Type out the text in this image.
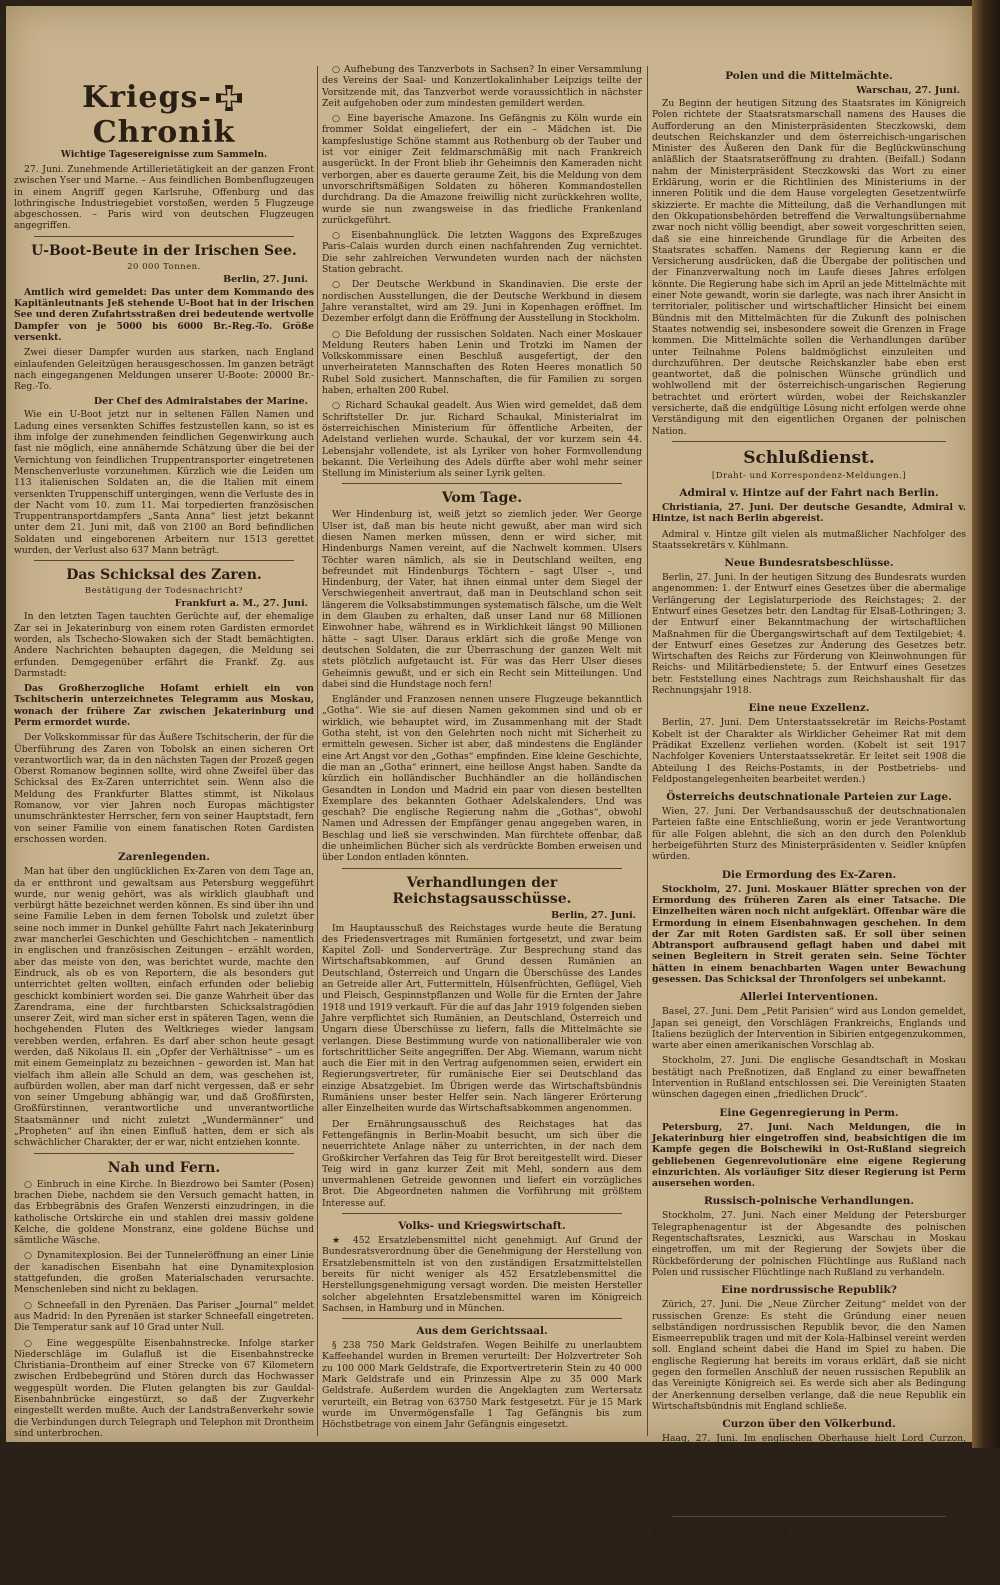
Kriegs-Chronik
Wichtige Tagesereignisse zum Sammeln.

27. Juni. Zunehmende Artillerietätigkeit an der ganzen Front zwischen Yser und Marne. – Aus feindlichen Bombenflugzeugen in einem Angriff gegen Karlsruhe, Offenburg und das lothringische Industriegebiet vorstoßen, werden 5 Flugzeuge abgeschossen. – Paris wird von deutschen Flugzeugen angegriffen.

U-Boot-Beute in der Irischen See.
20 000 Tonnen.
Berlin, 27. Juni.

Amtlich wird gemeldet: Das unter dem Kommando des Kapitänleutnants Jeß stehende U-Boot hat in der Irischen See und deren Zufahrtsstraßen drei bedeutende wertvolle Dampfer von je 5000 bis 6000 Br.-Reg.-To. Größe versenkt.

Zwei dieser Dampfer wurden aus starken, nach England einlaufenden Geleitzügen herausgeschossen. Im ganzen beträgt nach eingegangenen Meldungen unserer U-Boote: 20000 Br.-Reg.-To.

Der Chef des Admiralstabes der Marine.

Wie ein U-Boot jetzt nur in seltenen Fällen Namen und Ladung eines versenkten Schiffes festzustellen kann, so ist es ihm infolge der zunehmenden feindlichen Gegenwirkung auch fast nie möglich, eine annähernde Schätzung über die bei der Vernichtung von feindlichen Truppentransporter eingetretenen Menschenverluste vorzunehmen. Kürzlich wie die Leiden um 113 italienischen Soldaten an, die die Italien mit einem versenkten Truppenschiff untergingen, wenn die Verluste des in der Nacht vom 10. zum 11. Mai torpedierten französischen Truppentransportdampfers „Santa Anna“ liest jetzt bekannt unter dem 21. Juni mit, daß von 2100 an Bord befindlichen Soldaten und eingeborenen Arbeitern nur 1513 gerettet wurden, der Verlust also 637 Mann beträgt.

Das Schicksal des Zaren.
Bestätigung der Todesnachricht?
Frankfurt a. M., 27. Juni.

In den letzten Tagen tauchten Gerüchte auf, der ehemalige Zar sei in Jekaterinburg von einem roten Gardisten ermordet worden, als Tschecho-Slowaken sich der Stadt bemächtigten. Andere Nachrichten behaupten dagegen, die Meldung sei erfunden. Demgegenüber erfährt die Frankf. Zg. aus Darmstadt:

Das Großherzogliche Hofamt erhielt ein von Tschitscherin unterzeichnetes Telegramm aus Moskau, wonach der frühere Zar zwischen Jekaterinburg und Perm ermordet wurde.

Der Volkskommissar für das Äußere Tschitscherin, der für die Überführung des Zaren von Tobolsk an einen sicheren Ort verantwortlich war, da in den nächsten Tagen der Prozeß gegen Oberst Romanow beginnen sollte, wird ohne Zweifel über das Schicksal des Ex-Zaren unterrichtet sein. Wenn also die Meldung des Frankfurter Blattes stimmt, ist Nikolaus Romanow, vor vier Jahren noch Europas mächtigster unumschränktester Herrscher, fern von seiner Hauptstadt, fern von seiner Familie von einem fanatischen Roten Gardisten erschossen worden.

Zarenlegenden.

Man hat über den unglücklichen Ex-Zaren von dem Tage an, da er entthront und gewaltsam aus Petersburg weggeführt wurde, nur wenig gehört, was als wirklich glaubhaft und verbürgt hätte bezeichnet werden können. Es sind über ihn und seine Familie Leben in dem fernen Tobolsk und zuletzt über seine noch immer in Dunkel gehüllte Fahrt nach Jekaterinburg zwar mancherlei Geschichten und Geschichtchen – namentlich in englischen und französischen Zeitungen – erzählt worden, aber das meiste von den, was berichtet wurde, machte den Eindruck, als ob es von Reportern, die als besonders gut unterrichtet gelten wollten, einfach erfunden oder beliebig geschickt kombiniert worden sei. Die ganze Wahrheit über das Zarendrama, eine der furchtbarsten Schicksalstragödien unserer Zeit, wird man sicher erst in späteren Tagen, wenn die hochgehenden Fluten des Weltkrieges wieder langsam verebben werden, erfahren. Es darf aber schon heute gesagt werden, daß Nikolaus II. ein „Opfer der Verhältnisse“ – um es mit einem Gemeinplatz zu bezeichnen – geworden ist. Man hat vielfach ihm allein alle Schuld an dem, was geschehen ist, aufbürden wollen, aber man darf nicht vergessen, daß er sehr von seiner Umgebung abhängig war, und daß Großfürsten, Großfürstinnen, verantwortliche und unverantwortliche Staatsmänner und nicht zuletzt „Wundermänner“ und „Propheten“ auf ihn einen Einfluß hatten, dem er sich als schwächlicher Charakter, der er war, nicht entziehen konnte.

Nah und Fern.

○ Einbruch in eine Kirche. In Biezdrowo bei Samter (Posen) brachen Diebe, nachdem sie den Versuch gemacht hatten, in das Erbbegräbnis des Grafen Wenzersti einzudringen, in die katholische Ortskirche ein und stahlen drei massiv goldene Kelche, die goldene Monstranz, eine goldene Büchse und sämtliche Wäsche.

○ Dynamitexplosion. Bei der Tunneleröffnung an einer Linie der kanadischen Eisenbahn hat eine Dynamitexplosion stattgefunden, die großen Materialschaden verursachte. Menschenleben sind nicht zu beklagen.

○ Schneefall in den Pyrenäen. Das Pariser „Journal“ meldet aus Madrid: In den Pyrenäen ist starker Schneefall eingetreten. Die Temperatur sank auf 10 Grad unter Null.

○ Eine weggespülte Eisenbahnstrecke. Infolge starker Niederschläge im Gulafluß ist die Eisenbahnstrecke Christiania–Drontheim auf einer Strecke von 67 Kilometern zwischen Erdbebegründ und Stören durch das Hochwasser weggespült worden. Die Fluten gelangten bis zur Gauldal-Eisenbahnbrücke eingestürzt, so daß der Zugverkehr eingestellt werden mußte. Auch der Landstraßenverkehr sowie die Verbindungen durch Telegraph und Telephon mit Drontheim sind unterbrochen.

○ Aufhebung des Tanzverbots in Sachsen? In einer Versammlung des Vereins der Saal- und Konzertlokalinhaber Leipzigs teilte der Vorsitzende mit, das Tanzverbot werde voraussichtlich in nächster Zeit aufgehoben oder zum mindesten gemildert werden.

○ Eine bayerische Amazone. Ins Gefängnis zu Köln wurde ein frommer Soldat eingeliefert, der ein – Mädchen ist. Die kampfeslustige Schöne stammt aus Rothenburg ob der Tauber und ist vor einiger Zeit feldmarschmäßig mit nach Frankreich ausgerückt. In der Front blieb ihr Geheimnis den Kameraden nicht verborgen, aber es dauerte geraume Zeit, bis die Meldung von dem unvorschriftsmäßigen Soldaten zu höheren Kommandostellen durchdrang. Da die Amazone freiwillig nicht zurückkehren wollte, wurde sie nun zwangsweise in das friedliche Frankenland zurückgeführt.

○ Eisenbahnunglück. Die letzten Waggons des Expreßzuges Paris–Calais wurden durch einen nachfahrenden Zug vernichtet. Die sehr zahlreichen Verwundeten wurden nach der nächsten Station gebracht.

○ Der Deutsche Werkbund in Skandinavien. Die erste der nordischen Ausstellungen, die der Deutsche Werkbund in diesem Jahre veranstaltet, wird am 29. Juni in Kopenhagen eröffnet. Im Dezember erfolgt dann die Eröffnung der Ausstellung in Stockholm.

○ Die Befoldung der russischen Soldaten. Nach einer Moskauer Meldung Reuters haben Lenin und Trotzki im Namen der Volkskommissare einen Beschluß ausgefertigt, der den unverheirateten Mannschaften des Roten Heeres monatlich 50 Rubel Sold zusichert. Mannschaften, die für Familien zu sorgen haben, erhalten 200 Rubel.

○ Richard Schaukal geadelt. Aus Wien wird gemeldet, daß dem Schriftsteller Dr. jur. Richard Schaukal, Ministerialrat im österreichischen Ministerium für öffentliche Arbeiten, der Adelstand verliehen wurde. Schaukal, der vor kurzem sein 44. Lebensjahr vollendete, ist als Lyriker von hoher Formvollendung bekannt. Die Verleihung des Adels dürfte aber wohl mehr seiner Stellung im Ministerium als seiner Lyrik gelten.

Vom Tage.

Wer Hindenburg ist, weiß jetzt so ziemlich jeder. Wer George Ulser ist, daß man bis heute nicht gewußt, aber man wird sich diesen Namen merken müssen, denn er wird sicher, mit Hindenburgs Namen vereint, auf die Nachwelt kommen. Ulsers Töchter waren nämlich, als sie in Deutschland weilten, eng befreundet mit Hindenburgs Töchtern – sagt Ulser –, und Hindenburg, der Vater, hat ihnen einmal unter dem Siegel der Verschwiegenheit anvertraut, daß man in Deutschland schon seit längerem die Volksabstimmungen systematisch fälsche, um die Welt in dem Glauben zu erhalten, daß unser Land nur 68 Millionen Einwohner habe, während es in Wirklichkeit längst 90 Millionen hätte – sagt Ulser. Daraus erklärt sich die große Menge von deutschen Soldaten, die zur Überraschung der ganzen Welt mit stets plötzlich aufgetaucht ist. Für was das Herr Ulser dieses Geheimnis gewußt, und er sich ein Recht sein Mitteilungen. Und dabei sind die Hundstage noch fern!

Engländer und Franzosen nennen unsere Flugzeuge bekanntlich „Gotha“. Wie sie auf diesen Namen gekommen sind und ob er wirklich, wie behauptet wird, im Zusammenhang mit der Stadt Gotha steht, ist von den Gelehrten noch nicht mit Sicherheit zu ermitteln gewesen. Sicher ist aber, daß mindestens die Engländer eine Art Angst vor den „Gothas“ empfinden. Eine kleine Geschichte, die man an „Gotha“ erinnert, eine heillose Angst haben. Sandte da kürzlich ein holländischer Buchhändler an die holländischen Gesandten in London und Madrid ein paar von diesen bestellten Exemplare des bekannten Gothaer Adelskalenders. Und was geschah? Die englische Regierung nahm die „Gothas“, obwohl Namen und Adressen der Empfänger genau angegeben waren, in Beschlag und ließ sie verschwinden. Man fürchtete offenbar, daß die unheimlichen Bücher sich als verdrückte Bomben erweisen und über London entladen könnten.

Verhandlungen der Reichstagsausschüsse.
Berlin, 27. Juni.

Im Hauptausschuß des Reichstages wurde heute die Beratung des Friedensvertrages mit Rumänien fortgesetzt, und zwar beim Kapitel Zoll- und Sonderverträge. Zur Besprechung stand das Wirtschaftsabkommen, auf Grund dessen Rumänien an Deutschland, Österreich und Ungarn die Überschüsse des Landes an Getreide aller Art, Futtermitteln, Hülsenfrüchten, Geflügel, Vieh und Fleisch, Gespinnstpflanzen und Wolle für die Ernten der Jahre 1918 und 1919 verkauft. Für die auf das Jahr 1919 folgenden sieben Jahre verpflichtet sich Rumänien, an Deutschland, Österreich und Ungarn diese Überschüsse zu liefern, falls die Mittelmächte sie verlangen. Diese Bestimmung wurde von nationalliberaler wie von fortschrittlicher Seite angegriffen. Der Abg. Wiemann, warum nicht auch die Eier mit in den Vertrag aufgenommen seien, erwidert ein Regierungsvertreter, für rumänische Eier sei Deutschland das einzige Absatzgebiet. Im Übrigen werde das Wirtschaftsbündnis Rumäniens unser bester Helfer sein. Nach längerer Erörterung aller Einzelheiten wurde das Wirtschaftsabkommen angenommen.

Der Ernährungsausschuß des Reichstages hat das Fettengefängnis in Berlin-Moabit besucht, um sich über die neuerrichtete Anlage näher zu unterrichten, in der nach dem Großkircher Verfahren das Teig für Brot bereitgestellt wird. Dieser Teig wird in ganz kurzer Zeit mit Mehl, sondern aus dem unvermahlenen Getreide gewonnen und liefert ein vorzügliches Brot. Die Abgeordneten nahmen die Vorführung mit größtem Interesse auf.

Volks- und Kriegswirtschaft.

★ 452 Ersatzlebensmittel nicht genehmigt. Auf Grund der Bundesratsverordnung über die Genehmigung der Herstellung von Ersatzlebensmitteln ist von den zuständigen Ersatzmittelstellen bereits für nicht weniger als 452 Ersatzlebensmittel die Herstellungsgenehmigung versagt worden. Die meisten Hersteller solcher abgelehnten Ersatzlebensmittel waren im Königreich Sachsen, in Hamburg und in München.

Aus dem Gerichtssaal.

§ 238 750 Mark Geldstrafen. Wegen Beihilfe zu unerlaubtem Kaffeehandel wurden in Bremen verurteilt: Der Holzvertreter Soh zu 100 000 Mark Geldstrafe, die Exportvertreterin Stein zu 40 000 Mark Geldstrafe und ein Prinzessin Alpe zu 35 000 Mark Geldstrafe. Außerdem wurden die Angeklagten zum Wertersatz verurteilt, ein Betrag von 63750 Mark festgesetzt. Für je 15 Mark wurde im Unvermögensfalle 1 Tag Gefängnis bis zum Höchstbetrage von einem Jahr Gefängnis eingesetzt.

Polen und die Mittelmächte.
Warschau, 27. Juni.

Zu Beginn der heutigen Sitzung des Staatsrates im Königreich Polen richtete der Staatsratsmarschall namens des Hauses die Aufforderung an den Ministerpräsidenten Steczkowski, dem deutschen Reichskanzler und dem österreichisch-ungarischen Minister des Äußeren den Dank für die Beglückwünschung anläßlich der Staatsratseröffnung zu drahten. (Beifall.) Sodann nahm der Ministerpräsident Steczkowski das Wort zu einer Erklärung, worin er die Richtlinien des Ministeriums in der inneren Politik und die dem Hause vorgelegten Gesetzentwürfe skizzierte. Er machte die Mitteilung, daß die Verhandlungen mit den Okkupationsbehörden betreffend die Verwaltungsübernahme zwar noch nicht völlig beendigt, aber soweit vorgeschritten seien, daß sie eine hinreichende Grundlage für die Arbeiten des Staatsrates schaffen. Namens der Regierung kann er die Versicherung ausdrücken, daß die Übergabe der politischen und der Finanzverwaltung noch im Laufe dieses Jahres erfolgen könnte. Die Regierung habe sich im April an jede Mittelmächte mit einer Note gewandt, worin sie darlegte, was nach ihrer Ansicht in territorialer, politischer und wirtschaftlicher Hinsicht bei einem Bündnis mit den Mittelmächten für die Zukunft des polnischen Staates notwendig sei, insbesondere soweit die Grenzen in Frage kommen. Die Mittelmächte sollen die Verhandlungen darüber unter Teilnahme Polens baldmöglichst einzuleiten und durchzuführen. Der deutsche Reichskanzler habe eben erst geantwortet, daß die polnischen Wünsche gründlich und wohlwollend mit der österreichisch-ungarischen Regierung betrachtet und erörtert würden, wobei der Reichskanzler versicherte, daß die endgültige Lösung nicht erfolgen werde ohne Verständigung mit den eigentlichen Organen der polnischen Nation.

Schlußdienst.
[Draht- und Korrespondenz-Meldungen.]
Admiral v. Hintze auf der Fahrt nach Berlin.

Christiania, 27. Juni. Der deutsche Gesandte, Admiral v. Hintze, ist nach Berlin abgereist.

Admiral v. Hintze gilt vielen als mutmaßlicher Nachfolger des Staatssekretärs v. Kühlmann.

Neue Bundesratsbeschlüsse.

Berlin, 27. Juni. In der heutigen Sitzung des Bundesrats wurden angenommen: 1. der Entwurf eines Gesetzes über die abermalige Verlängerung der Legislaturperiode des Reichstages; 2. der Entwurf eines Gesetzes betr. den Landtag für Elsaß-Lothringen; 3. der Entwurf einer Bekanntmachung der wirtschaftlichen Maßnahmen für die Übergangswirtschaft auf dem Textilgebiet; 4. der Entwurf eines Gesetzes zur Änderung des Gesetzes betr. Wirtschaften des Reichs zur Förderung von Kleinwohnungen für Reichs- und Militärbedienstete; 5. der Entwurf eines Gesetzes betr. Feststellung eines Nachtrags zum Reichshaushalt für das Rechnungsjahr 1918.

Eine neue Exzellenz.

Berlin, 27. Juni. Dem Unterstaatssekretär im Reichs-Postamt Kobelt ist der Charakter als Wirklicher Geheimer Rat mit dem Prädikat Exzellenz verliehen worden. (Kobelt ist seit 1917 Nachfolger Koveniers Unterstaatssekretär. Er leitet seit 1908 die Abteilung I des Reichs-Postamts, in der Postbetriebs- und Feldpostangelegenheiten bearbeitet werden.)

Österreichs deutschnationale Parteien zur Lage.

Wien, 27. Juni. Der Verbandsausschuß der deutschnationalen Parteien faßte eine Entschließung, worin er jede Verantwortung für alle Folgen ablehnt, die sich an den durch den Polenklub herbeigeführten Sturz des Ministerpräsidenten v. Seidler knüpfen würden.

Die Ermordung des Ex-Zaren.

Stockholm, 27. Juni. Moskauer Blätter sprechen von der Ermordung des früheren Zaren als einer Tatsache. Die Einzelheiten wären noch nicht aufgeklärt. Offenbar wäre die Ermordung in einem Eisenbahnwagen geschehen. In dem der Zar mit Roten Gardisten saß. Er soll über seinen Abtransport aufbrausend geflagt haben und dabei mit seinen Begleitern in Streit geraten sein. Seine Töchter hätten in einem benachbarten Wagen unter Bewachung gesessen. Das Schicksal der Thronfolgers sei unbekannt.

Allerlei Interventionen.

Basel, 27. Juni. Dem „Petit Parisien“ wird aus London gemeldet, Japan sei geneigt, den Vorschlägen Frankreichs, Englands und Italiens bezüglich der Intervention in Sibirien entgegenzukommen, warte aber einen amerikanischen Vorschlag ab.

Stockholm, 27. Juni. Die englische Gesandtschaft in Moskau bestätigt nach Preßnotizen, daß England zu einer bewaffneten Intervention in Rußland entschlossen sei. Die Vereinigten Staaten wünschen dagegen einen „friedlichen Druck“.

Eine Gegenregierung in Perm.

Petersburg, 27. Juni. Nach Meldungen, die in Jekaterinburg hier eingetroffen sind, beabsichtigen die im Kampfe gegen die Bolschewiki in Ost-Rußland siegreich gebliebenen Gegenrevolutionäre eine eigene Regierung einzurichten. Als vorläufiger Sitz dieser Regierung ist Perm ausersehen worden.

Russisch-polnische Verhandlungen.

Stockholm, 27. Juni. Nach einer Meldung der Petersburger Telegraphenagentur ist der Abgesandte des polnischen Regentschaftsrates, Lesznicki, aus Warschau in Moskau eingetroffen, um mit der Regierung der Sowjets über die Rückbeförderung der polnischen Flüchtlinge aus Rußland nach Polen und russischer Flüchtlinge nach Rußland zu verhandeln.

Eine nordrussische Republik?

Zürich, 27. Juni. Die „Neue Zürcher Zeitung“ meldet von der russischen Grenze: Es steht die Gründung einer neuen selbständigen nordrussischen Republik bevor, die den Namen Eismeerrepublik tragen und mit der Kola-Halbinsel vereint werden soll. England scheint dabei die Hand im Spiel zu haben. Die englische Regierung hat bereits im voraus erklärt, daß sie nicht gegen den formellen Anschluß der neuen russischen Republik an das Vereinigte Königreich sei. Es werde sich aber als Bedingung der Anerkennung derselben verlange, daß die neue Republik ein Wirtschaftsbündnis mit England schließe.

Curzon über den Völkerbund.

Haag, 27. Juni. Im englischen Oberhause hielt Lord Curzon, Mitglied des Kriegskabinetts, eine Rede, in der er wieder die Frage des Völkerbundes behandelte. Er befürwortete die Errichtung eines Weltgerichtshofes, vor dem alle Streitigkeiten gebracht werden müßten, bevor ein Krieg unternommen werden könnte. Es sei allerdings schwer, auch diese Länder zu finden, die daran mitarbeiten würden.

Bestellungen auf das „Hünfelder Kreisblatt“ für das nächste Vierteljahr werden von allen Postanstalten und von der Geschäftsstelle d. Bl. entgegengenommen.
